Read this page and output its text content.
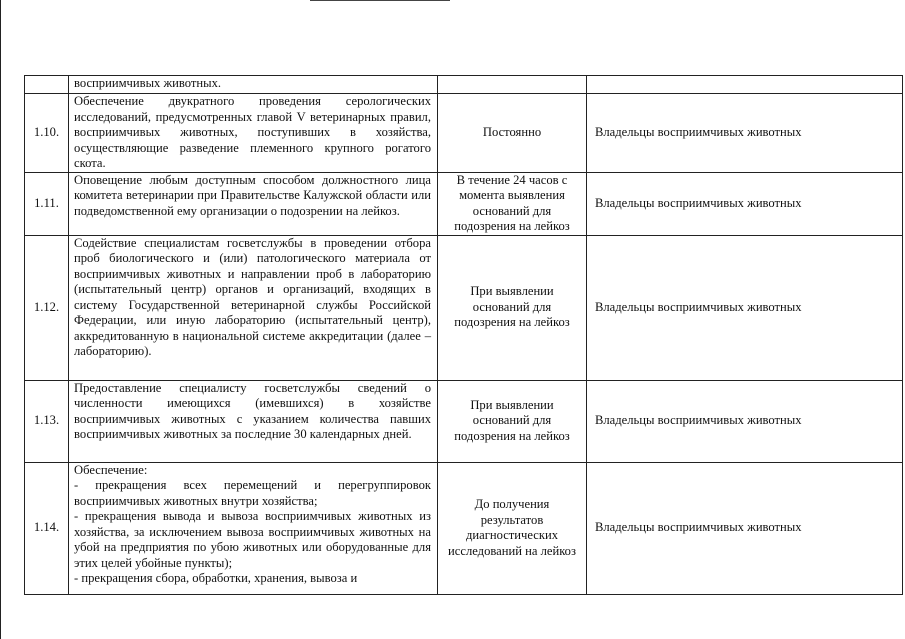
	восприимчивых животных.		
1.10.	Обеспечение двукратного проведения серологических исследований, предусмотренных главой V ветеринарных правил, восприимчивых животных, поступивших в хозяйства, осуществляющие разведение племенного крупного рогатого скота.	Постоянно	Владельцы восприимчивых животных
1.11.	Оповещение любым доступным способом должностного лица комитета ветеринарии при Правительстве Калужской области или подведомственной ему организации о подозрении на лейкоз.	В течение 24 часов с момента выявления оснований для подозрения на лейкоз	Владельцы восприимчивых животных
1.12.	Содействие специалистам госветслужбы в проведении отбора проб биологического и (или) патологического материала от восприимчивых животных и направлении проб в лабораторию (испытательный центр) органов и организаций, входящих в систему Государственной ветеринарной службы Российской Федерации, или иную лабораторию (испытательный центр), аккредитованную в национальной системе аккредитации (далее – лабораторию).	При выявлении оснований для подозрения на лейкоз	Владельцы восприимчивых животных
1.13.	Предоставление специалисту госветслужбы сведений о численности имеющихся (имевшихся) в хозяйстве восприимчивых животных с указанием количества павших восприимчивых животных за последние 30 календарных дней.	При выявлении оснований для подозрения на лейкоз	Владельцы восприимчивых животных
1.14.	Обеспечение:

- прекращения всех перемещений и перегруппировок восприимчивых животных внутри хозяйства;

- прекращения вывода и вывоза восприимчивых животных из хозяйства, за исключением вывоза восприимчивых животных на убой на предприятия по убою животных или оборудованные для этих целей убойные пункты);

- прекращения сбора, обработки, хранения, вывоза и	До получения результатов диагностических исследований на лейкоз	Владельцы восприимчивых животных
